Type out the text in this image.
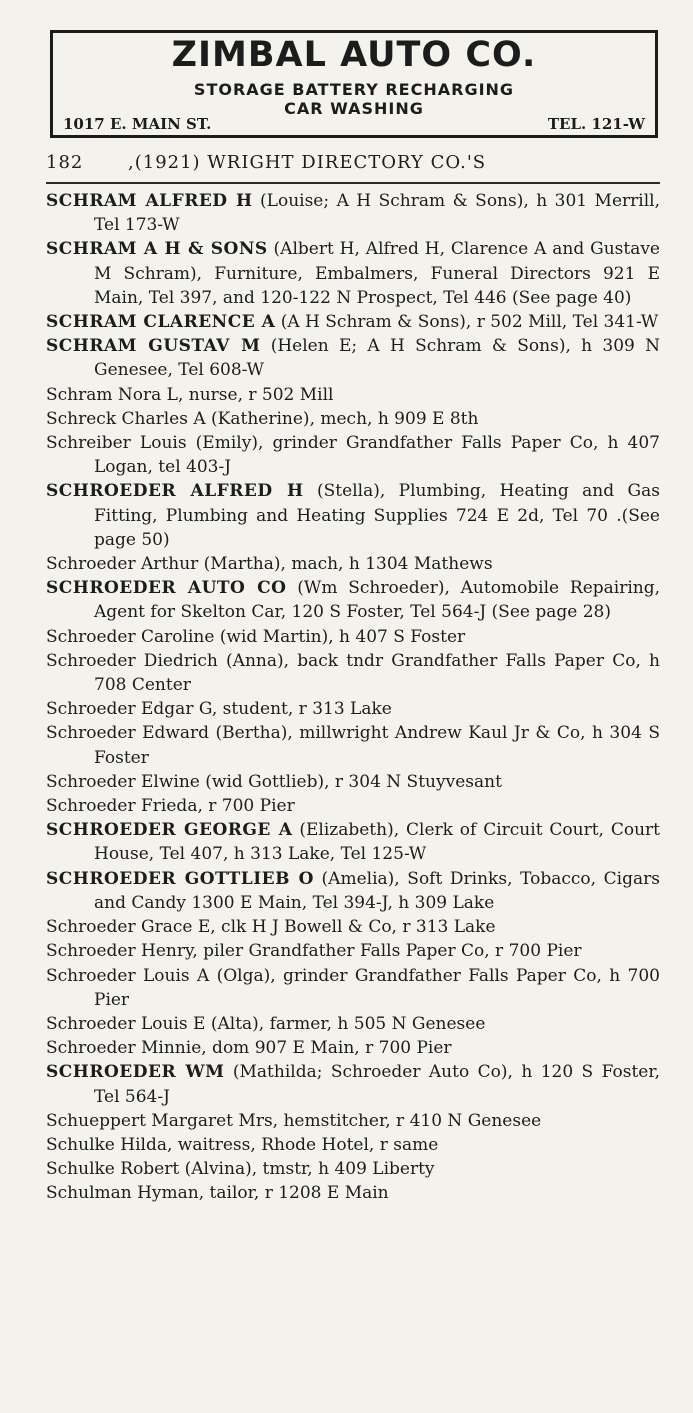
ZIMBAL AUTO CO.
STORAGE BATTERY RECHARGING
CAR WASHING
1017 E. MAIN ST.	TEL. 121-W
182 ,(1921) WRIGHT DIRECTORY CO.'S
SCHRAM ALFRED H (Louise; A H Schram & Sons), h 301 Merrill, Tel 173-W
SCHRAM A H & SONS (Albert H, Alfred H, Clarence A and Gustave M Schram), Furniture, Embalmers, Funeral Directors 921 E Main, Tel 397, and 120-122 N Prospect, Tel 446 (See page 40)
SCHRAM CLARENCE A (A H Schram & Sons), r 502 Mill, Tel 341-W
SCHRAM GUSTAV M (Helen E; A H Schram & Sons), h 309 N Genesee, Tel 608-W
Schram Nora L, nurse, r 502 Mill
Schreck Charles A (Katherine), mech, h 909 E 8th
Schreiber Louis (Emily), grinder Grandfather Falls Paper Co, h 407 Logan, tel 403-J
SCHROEDER ALFRED H (Stella), Plumbing, Heating and Gas Fitting, Plumbing and Heating Supplies 724 E 2d, Tel 70 .(See page 50)
Schroeder Arthur (Martha), mach, h 1304 Mathews
SCHROEDER AUTO CO (Wm Schroeder), Automobile Repairing, Agent for Skelton Car, 120 S Foster, Tel 564-J (See page 28)
Schroeder Caroline (wid Martin), h 407 S Foster
Schroeder Diedrich (Anna), back tndr Grandfather Falls Paper Co, h 708 Center
Schroeder Edgar G, student, r 313 Lake
Schroeder Edward (Bertha), millwright Andrew Kaul Jr & Co, h 304 S Foster
Schroeder Elwine (wid Gottlieb), r 304 N Stuyvesant
Schroeder Frieda, r 700 Pier
SCHROEDER GEORGE A (Elizabeth), Clerk of Circuit Court, Court House, Tel 407, h 313 Lake, Tel 125-W
SCHROEDER GOTTLIEB O (Amelia), Soft Drinks, Tobacco, Cigars and Candy 1300 E Main, Tel 394-J, h 309 Lake
Schroeder Grace E, clk H J Bowell & Co, r 313 Lake
Schroeder Henry, piler Grandfather Falls Paper Co, r 700 Pier
Schroeder Louis A (Olga), grinder Grandfather Falls Paper Co, h 700 Pier
Schroeder Louis E (Alta), farmer, h 505 N Genesee
Schroeder Minnie, dom 907 E Main, r 700 Pier
SCHROEDER WM (Mathilda; Schroeder Auto Co), h 120 S Foster, Tel 564-J
Schueppert Margaret Mrs, hemstitcher, r 410 N Genesee
Schulke Hilda, waitress, Rhode Hotel, r same
Schulke Robert (Alvina), tmstr, h 409 Liberty
Schulman Hyman, tailor, r 1208 E Main
